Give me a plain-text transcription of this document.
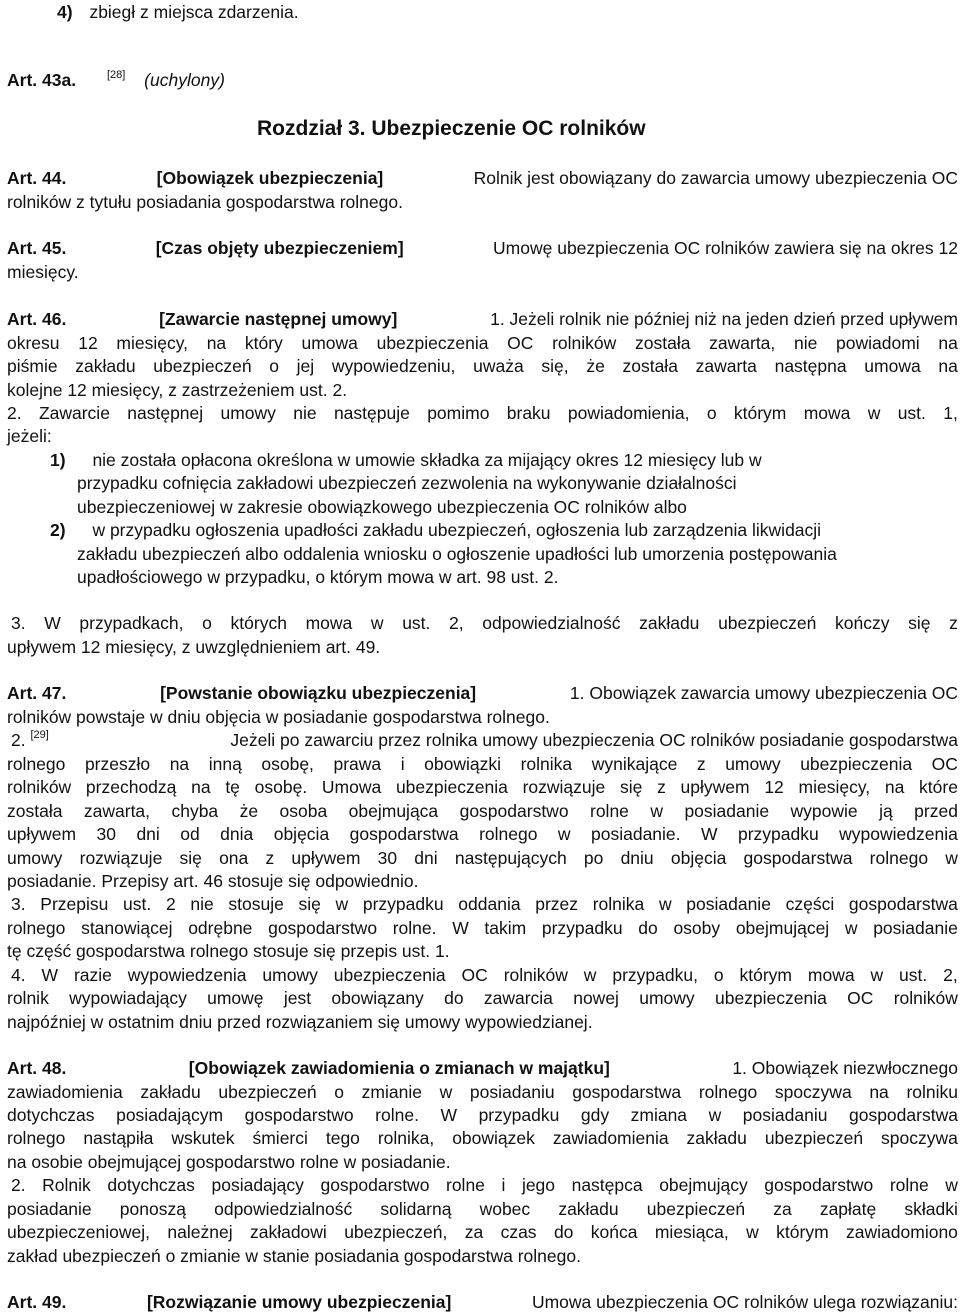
4) zbiegł z miejsca zdarzenia.
Art. 43a.	[28] (uchylony)
Rozdział 3. Ubezpieczenie OC rolników
Art. 44.	[Obowiązek ubezpieczenia]	Rolnik jest obowiązany do zawarcia umowy ubezpieczenia OC
rolników z tytułu posiadania gospodarstwa rolnego.
Art. 45.	[Czas objęty ubezpieczeniem]	Umowę ubezpieczenia OC rolników zawiera się na okres 12
miesięcy.
Art. 46.	[Zawarcie następnej umowy]	1. Jeżeli rolnik nie później niż na jeden dzień przed upływem
okresu 12 miesięcy, na który umowa ubezpieczenia OC rolników została zawarta, nie powiadomi na
piśmie zakładu ubezpieczeń o jej wypowiedzeniu, uważa się, że została zawarta następna umowa na
kolejne 12 miesięcy, z zastrzeżeniem ust. 2.
2. Zawarcie następnej umowy nie następuje pomimo braku powiadomienia, o którym mowa w ust. 1,
jeżeli:
1) nie została opłacona określona w umowie składka za mijający okres 12 miesięcy lub w
przypadku cofnięcia zakładowi ubezpieczeń zezwolenia na wykonywanie działalności
ubezpieczeniowej w zakresie obowiązkowego ubezpieczenia OC rolników albo
2) w przypadku ogłoszenia upadłości zakładu ubezpieczeń, ogłoszenia lub zarządzenia likwidacji
zakładu ubezpieczeń albo oddalenia wniosku o ogłoszenie upadłości lub umorzenia postępowania
upadłościowego w przypadku, o którym mowa w art. 98 ust. 2.
3. W przypadkach, o których mowa w ust. 2, odpowiedzialność zakładu ubezpieczeń kończy się z
upływem 12 miesięcy, z uwzględnieniem art. 49.
Art. 47.	[Powstanie obowiązku ubezpieczenia]	1. Obowiązek zawarcia umowy ubezpieczenia OC
rolników powstaje w dniu objęcia w posiadanie gospodarstwa rolnego.
2. [29]	Jeżeli po zawarciu przez rolnika umowy ubezpieczenia OC rolników posiadanie gospodarstwa
rolnego przeszło na inną osobę, prawa i obowiązki rolnika wynikające z umowy ubezpieczenia OC
rolników przechodzą na tę osobę. Umowa ubezpieczenia rozwiązuje się z upływem 12 miesięcy, na które
została zawarta, chyba że osoba obejmująca gospodarstwo rolne w posiadanie wypowie ją przed
upływem 30 dni od dnia objęcia gospodarstwa rolnego w posiadanie. W przypadku wypowiedzenia
umowy rozwiązuje się ona z upływem 30 dni następujących po dniu objęcia gospodarstwa rolnego w
posiadanie. Przepisy art. 46 stosuje się odpowiednio.
3. Przepisu ust. 2 nie stosuje się w przypadku oddania przez rolnika w posiadanie części gospodarstwa
rolnego stanowiącej odrębne gospodarstwo rolne. W takim przypadku do osoby obejmującej w posiadanie
tę część gospodarstwa rolnego stosuje się przepis ust. 1.
4. W razie wypowiedzenia umowy ubezpieczenia OC rolników w przypadku, o którym mowa w ust. 2,
rolnik wypowiadający umowę jest obowiązany do zawarcia nowej umowy ubezpieczenia OC rolników
najpóźniej w ostatnim dniu przed rozwiązaniem się umowy wypowiedzianej.
Art. 48.	[Obowiązek zawiadomienia o zmianach w majątku]	1. Obowiązek niezwłocznego
zawiadomienia zakładu ubezpieczeń o zmianie w posiadaniu gospodarstwa rolnego spoczywa na rolniku
dotychczas posiadającym gospodarstwo rolne. W przypadku gdy zmiana w posiadaniu gospodarstwa
rolnego nastąpiła wskutek śmierci tego rolnika, obowiązek zawiadomienia zakładu ubezpieczeń spoczywa
na osobie obejmującej gospodarstwo rolne w posiadanie.
2. Rolnik dotychczas posiadający gospodarstwo rolne i jego następca obejmujący gospodarstwo rolne w
posiadanie ponoszą odpowiedzialność solidarną wobec zakładu ubezpieczeń za zapłatę składki
ubezpieczeniowej, należnej zakładowi ubezpieczeń, za czas do końca miesiąca, w którym zawiadomiono
zakład ubezpieczeń o zmianie w stanie posiadania gospodarstwa rolnego.
Art. 49.	[Rozwiązanie umowy ubezpieczenia]	Umowa ubezpieczenia OC rolników ulega rozwiązaniu:
